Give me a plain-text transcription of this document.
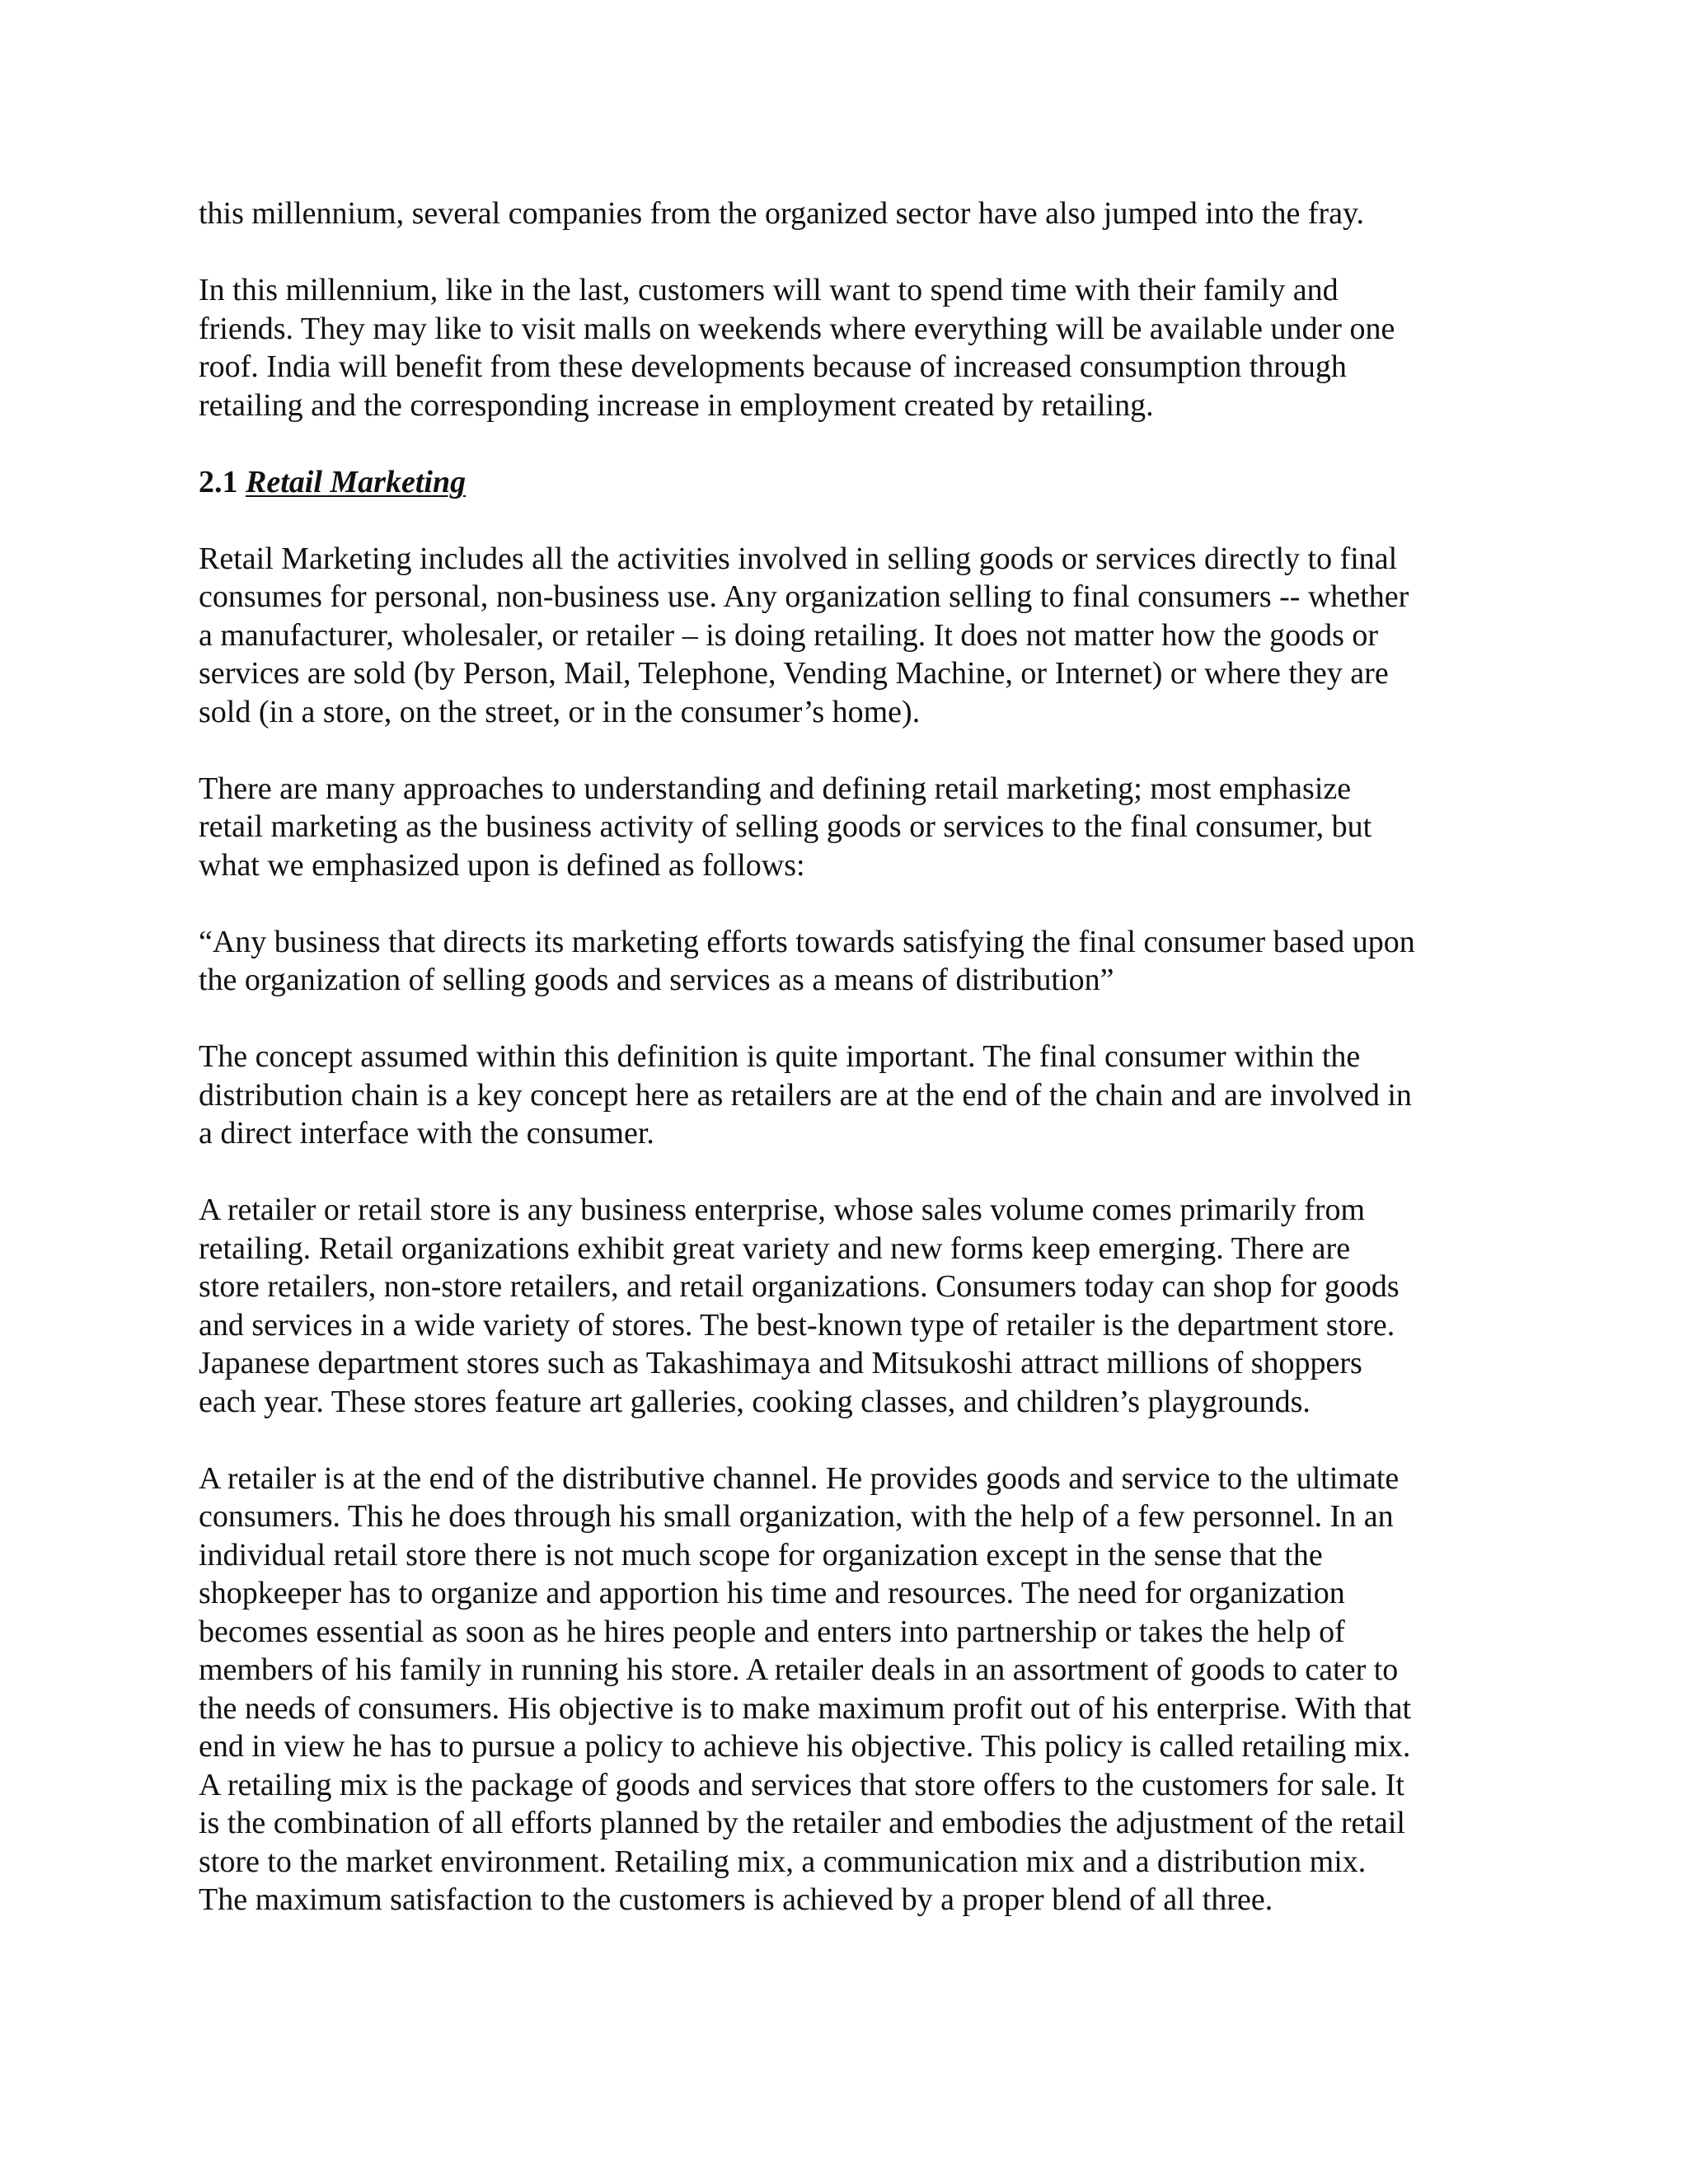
this millennium, several companies from the organized sector have also jumped into the fray.
In this millennium, like in the last, customers will want to spend time with their family and
friends. They may like to visit malls on weekends where everything will be available under one
roof. India will benefit from these developments because of increased consumption through
retailing and the corresponding increase in employment created by retailing.
2.1 Retail Marketing
Retail Marketing includes all the activities involved in selling goods or services directly to final
consumes for personal, non-business use. Any organization selling to final consumers -- whether
a manufacturer, wholesaler, or retailer – is doing retailing. It does not matter how the goods or
services are sold (by Person, Mail, Telephone, Vending Machine, or Internet) or where they are
sold (in a store, on the street, or in the consumer’s home).
There are many approaches to understanding and defining retail marketing; most emphasize
retail marketing as the business activity of selling goods or services to the final consumer, but
what we emphasized upon is defined as follows:
“Any business that directs its marketing efforts towards satisfying the final consumer based upon
the organization of selling goods and services as a means of distribution”
The concept assumed within this definition is quite important. The final consumer within the
distribution chain is a key concept here as retailers are at the end of the chain and are involved in
a direct interface with the consumer.
A retailer or retail store is any business enterprise, whose sales volume comes primarily from
retailing. Retail organizations exhibit great variety and new forms keep emerging. There are
store retailers, non-store retailers, and retail organizations. Consumers today can shop for goods
and services in a wide variety of stores. The best-known type of retailer is the department store.
Japanese department stores such as Takashimaya and Mitsukoshi attract millions of shoppers
each year. These stores feature art galleries, cooking classes, and children’s playgrounds.
A retailer is at the end of the distributive channel. He provides goods and service to the ultimate
consumers. This he does through his small organization, with the help of a few personnel. In an
individual retail store there is not much scope for organization except in the sense that the
shopkeeper has to organize and apportion his time and resources. The need for organization
becomes essential as soon as he hires people and enters into partnership or takes the help of
members of his family in running his store. A retailer deals in an assortment of goods to cater to
the needs of consumers. His objective is to make maximum profit out of his enterprise. With that
end in view he has to pursue a policy to achieve his objective. This policy is called retailing mix.
A retailing mix is the package of goods and services that store offers to the customers for sale. It
is the combination of all efforts planned by the retailer and embodies the adjustment of the retail
store to the market environment. Retailing mix, a communication mix and a distribution mix.
The maximum satisfaction to the customers is achieved by a proper blend of all three.
